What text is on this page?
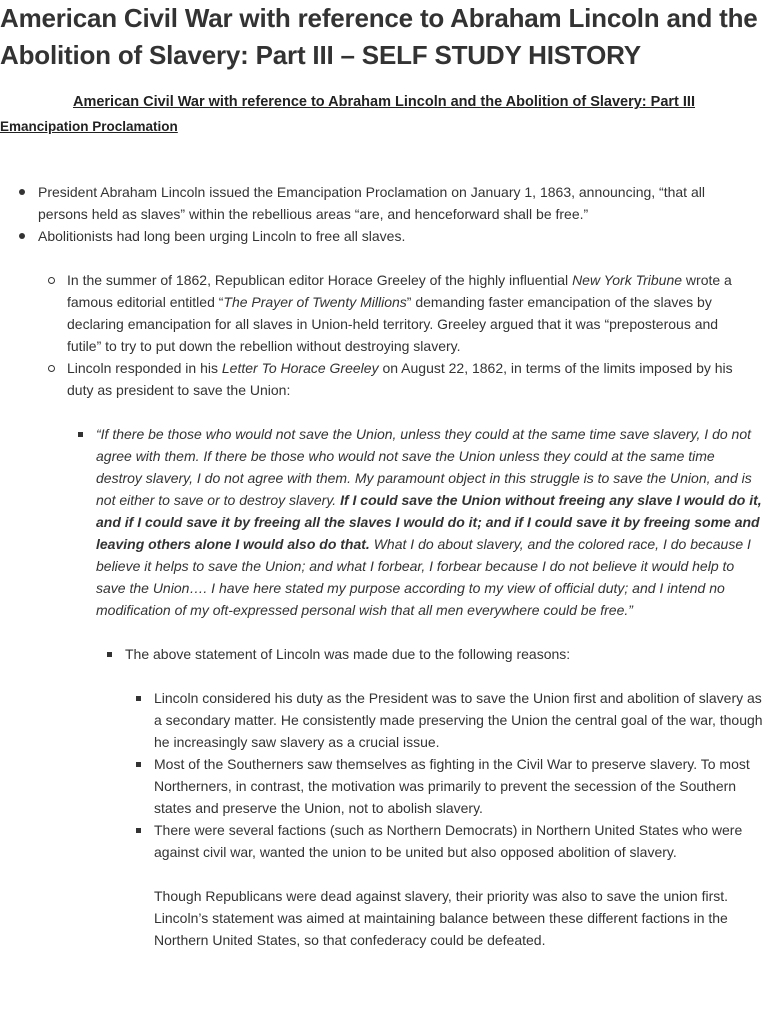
American Civil War with reference to Abraham Lincoln and the Abolition of Slavery: Part III – SELF STUDY HISTORY
American Civil War with reference to Abraham Lincoln and the Abolition of Slavery: Part III
Emancipation Proclamation
President Abraham Lincoln issued the Emancipation Proclamation on January 1, 1863, announcing, “that all persons held as slaves” within the rebellious areas “are, and henceforward shall be free.”
Abolitionists had long been urging Lincoln to free all slaves.
In the summer of 1862, Republican editor Horace Greeley of the highly influential New York Tribune wrote a famous editorial entitled “The Prayer of Twenty Millions” demanding faster emancipation of the slaves by declaring emancipation for all slaves in Union-held territory. Greeley argued that it was “preposterous and futile” to try to put down the rebellion without destroying slavery.
Lincoln responded in his Letter To Horace Greeley on August 22, 1862, in terms of the limits imposed by his duty as president to save the Union:
“If there be those who would not save the Union, unless they could at the same time save slavery, I do not agree with them. If there be those who would not save the Union unless they could at the same time destroy slavery, I do not agree with them. My paramount object in this struggle is to save the Union, and is not either to save or to destroy slavery. If I could save the Union without freeing any slave I would do it, and if I could save it by freeing all the slaves I would do it; and if I could save it by freeing some and leaving others alone I would also do that. What I do about slavery, and the colored race, I do because I believe it helps to save the Union; and what I forbear, I forbear because I do not believe it would help to save the Union…. I have here stated my purpose according to my view of official duty; and I intend no modification of my oft-expressed personal wish that all men everywhere could be free.”
The above statement of Lincoln was made due to the following reasons:
Lincoln considered his duty as the President was to save the Union first and abolition of slavery as a secondary matter. He consistently made preserving the Union the central goal of the war, though he increasingly saw slavery as a crucial issue.
Most of the Southerners saw themselves as fighting in the Civil War to preserve slavery. To most Northerners, in contrast, the motivation was primarily to prevent the secession of the Southern states and preserve the Union, not to abolish slavery.
There were several factions (such as Northern Democrats) in Northern United States who were against civil war, wanted the union to be united but also opposed abolition of slavery.
Though Republicans were dead against slavery, their priority was also to save the union first. Lincoln’s statement was aimed at maintaining balance between these different factions in the Northern United States, so that confederacy could be defeated.
